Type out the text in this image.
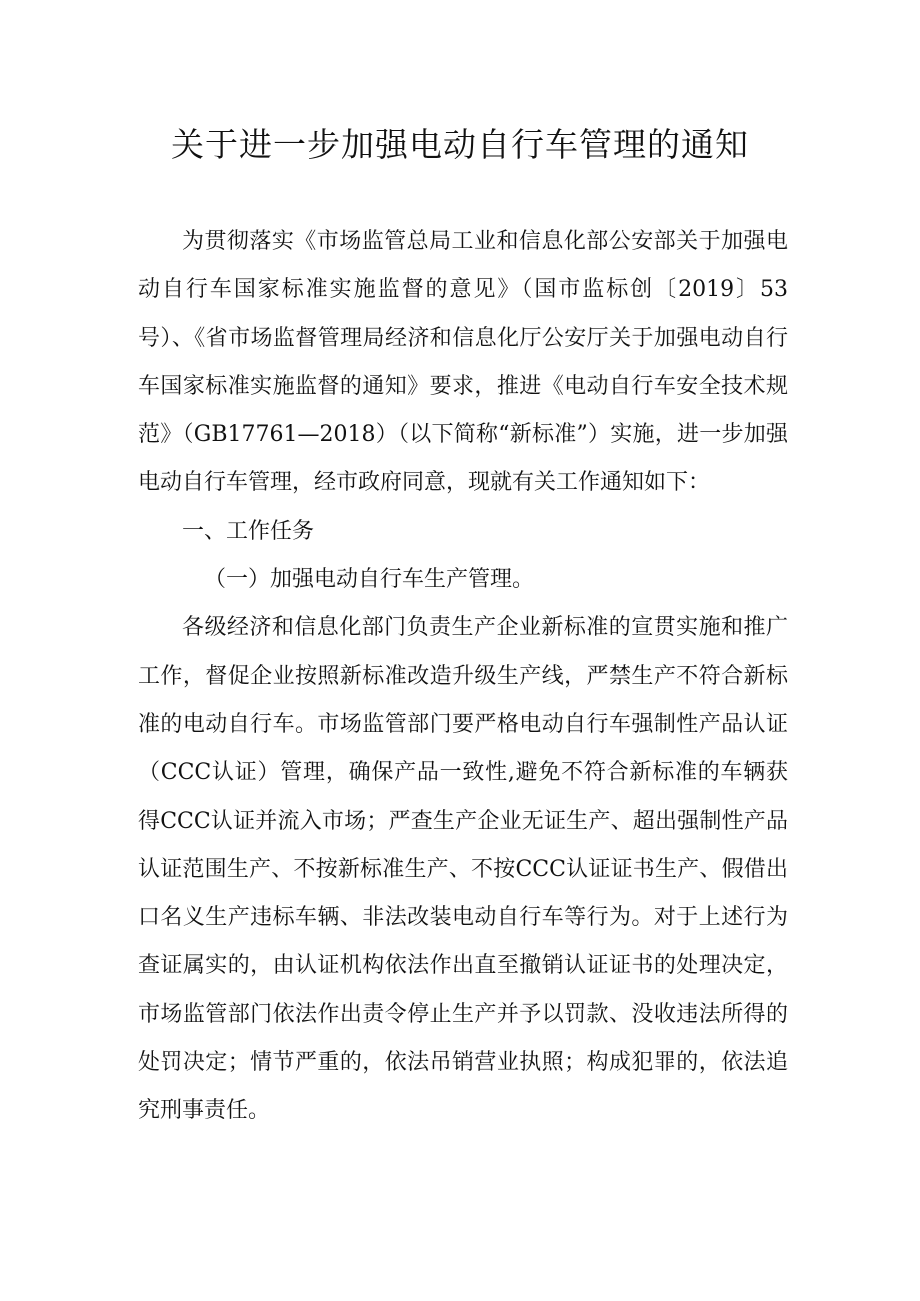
关于进一步加强电动自行车管理的通知

为贯彻落实《市场监管总局工业和信息化部公安部关于加强电动自行车国家标准实施监督的意见》（国市监标创〔2019〕53号）、《省市场监督管理局经济和信息化厅公安厅关于加强电动自行车国家标准实施监督的通知》要求，推进《电动自行车安全技术规范》（GB17761—2018）（以下简称“新标准”）实施，进一步加强电动自行车管理，经市政府同意，现就有关工作通知如下：

一、工作任务

（一）加强电动自行车生产管理。

各级经济和信息化部门负责生产企业新标准的宣贯实施和推广工作，督促企业按照新标准改造升级生产线，严禁生产不符合新标准的电动自行车。市场监管部门要严格电动自行车强制性产品认证（CCC认证）管理，确保产品一致性,避免不符合新标准的车辆获得CCC认证并流入市场；严查生产企业无证生产、超出强制性产品认证范围生产、不按新标准生产、不按CCC认证证书生产、假借出口名义生产违标车辆、非法改装电动自行车等行为。对于上述行为查证属实的，由认证机构依法作出直至撤销认证证书的处理决定，市场监管部门依法作出责令停止生产并予以罚款、没收违法所得的处罚决定；情节严重的，依法吊销营业执照；构成犯罪的，依法追究刑事责任。
